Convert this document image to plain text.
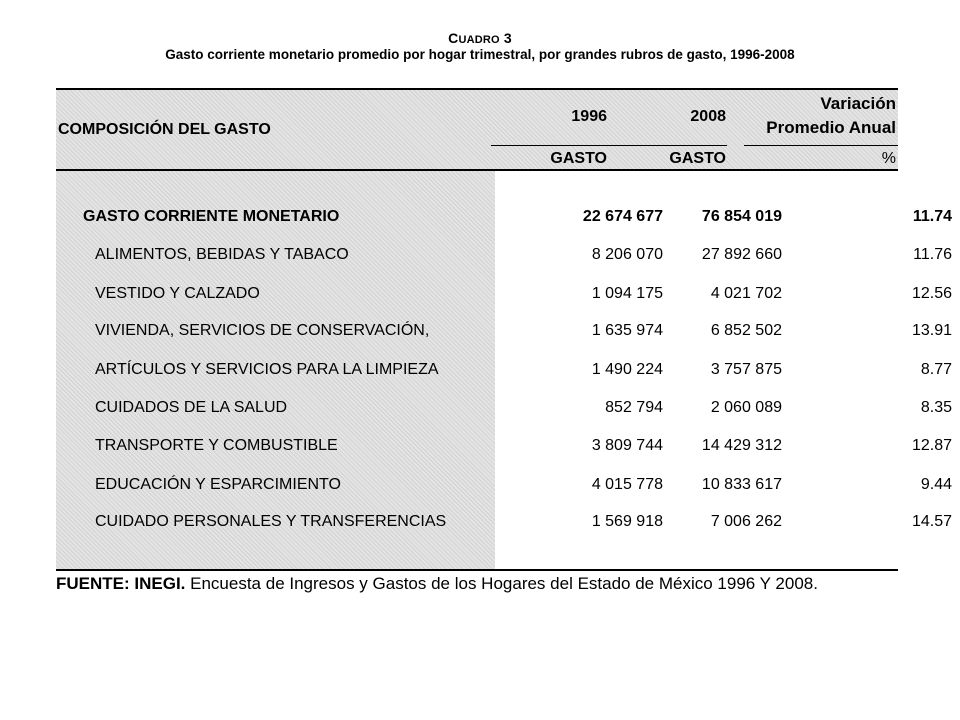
CUADRO 3
Gasto corriente monetario promedio por hogar trimestral, por grandes rubros de gasto, 1996-2008
COMPOSICIÓN DEL GASTO
1996	2008
Variación
Promedio Anual
GASTO	GASTO	%
GASTO CORRIENTE MONETARIO	22 674 677	76 854 019	11.74
ALIMENTOS, BEBIDAS Y TABACO	8 206 070	27 892 660	11.76
VESTIDO Y CALZADO	1 094 175	4 021 702	12.56
VIVIENDA, SERVICIOS DE CONSERVACIÓN,	1 635 974	6 852 502	13.91
ARTÍCULOS Y SERVICIOS PARA LA LIMPIEZA	1 490 224	3 757 875	8.77
CUIDADOS DE LA SALUD	852 794	2 060 089	8.35
TRANSPORTE Y COMBUSTIBLE	3 809 744	14 429 312	12.87
EDUCACIÓN Y ESPARCIMIENTO	4 015 778	10 833 617	9.44
CUIDADO PERSONALES Y TRANSFERENCIAS	1 569 918	7 006 262	14.57
FUENTE: INEGI. Encuesta de Ingresos y Gastos de los Hogares del Estado de México 1996 Y 2008.
